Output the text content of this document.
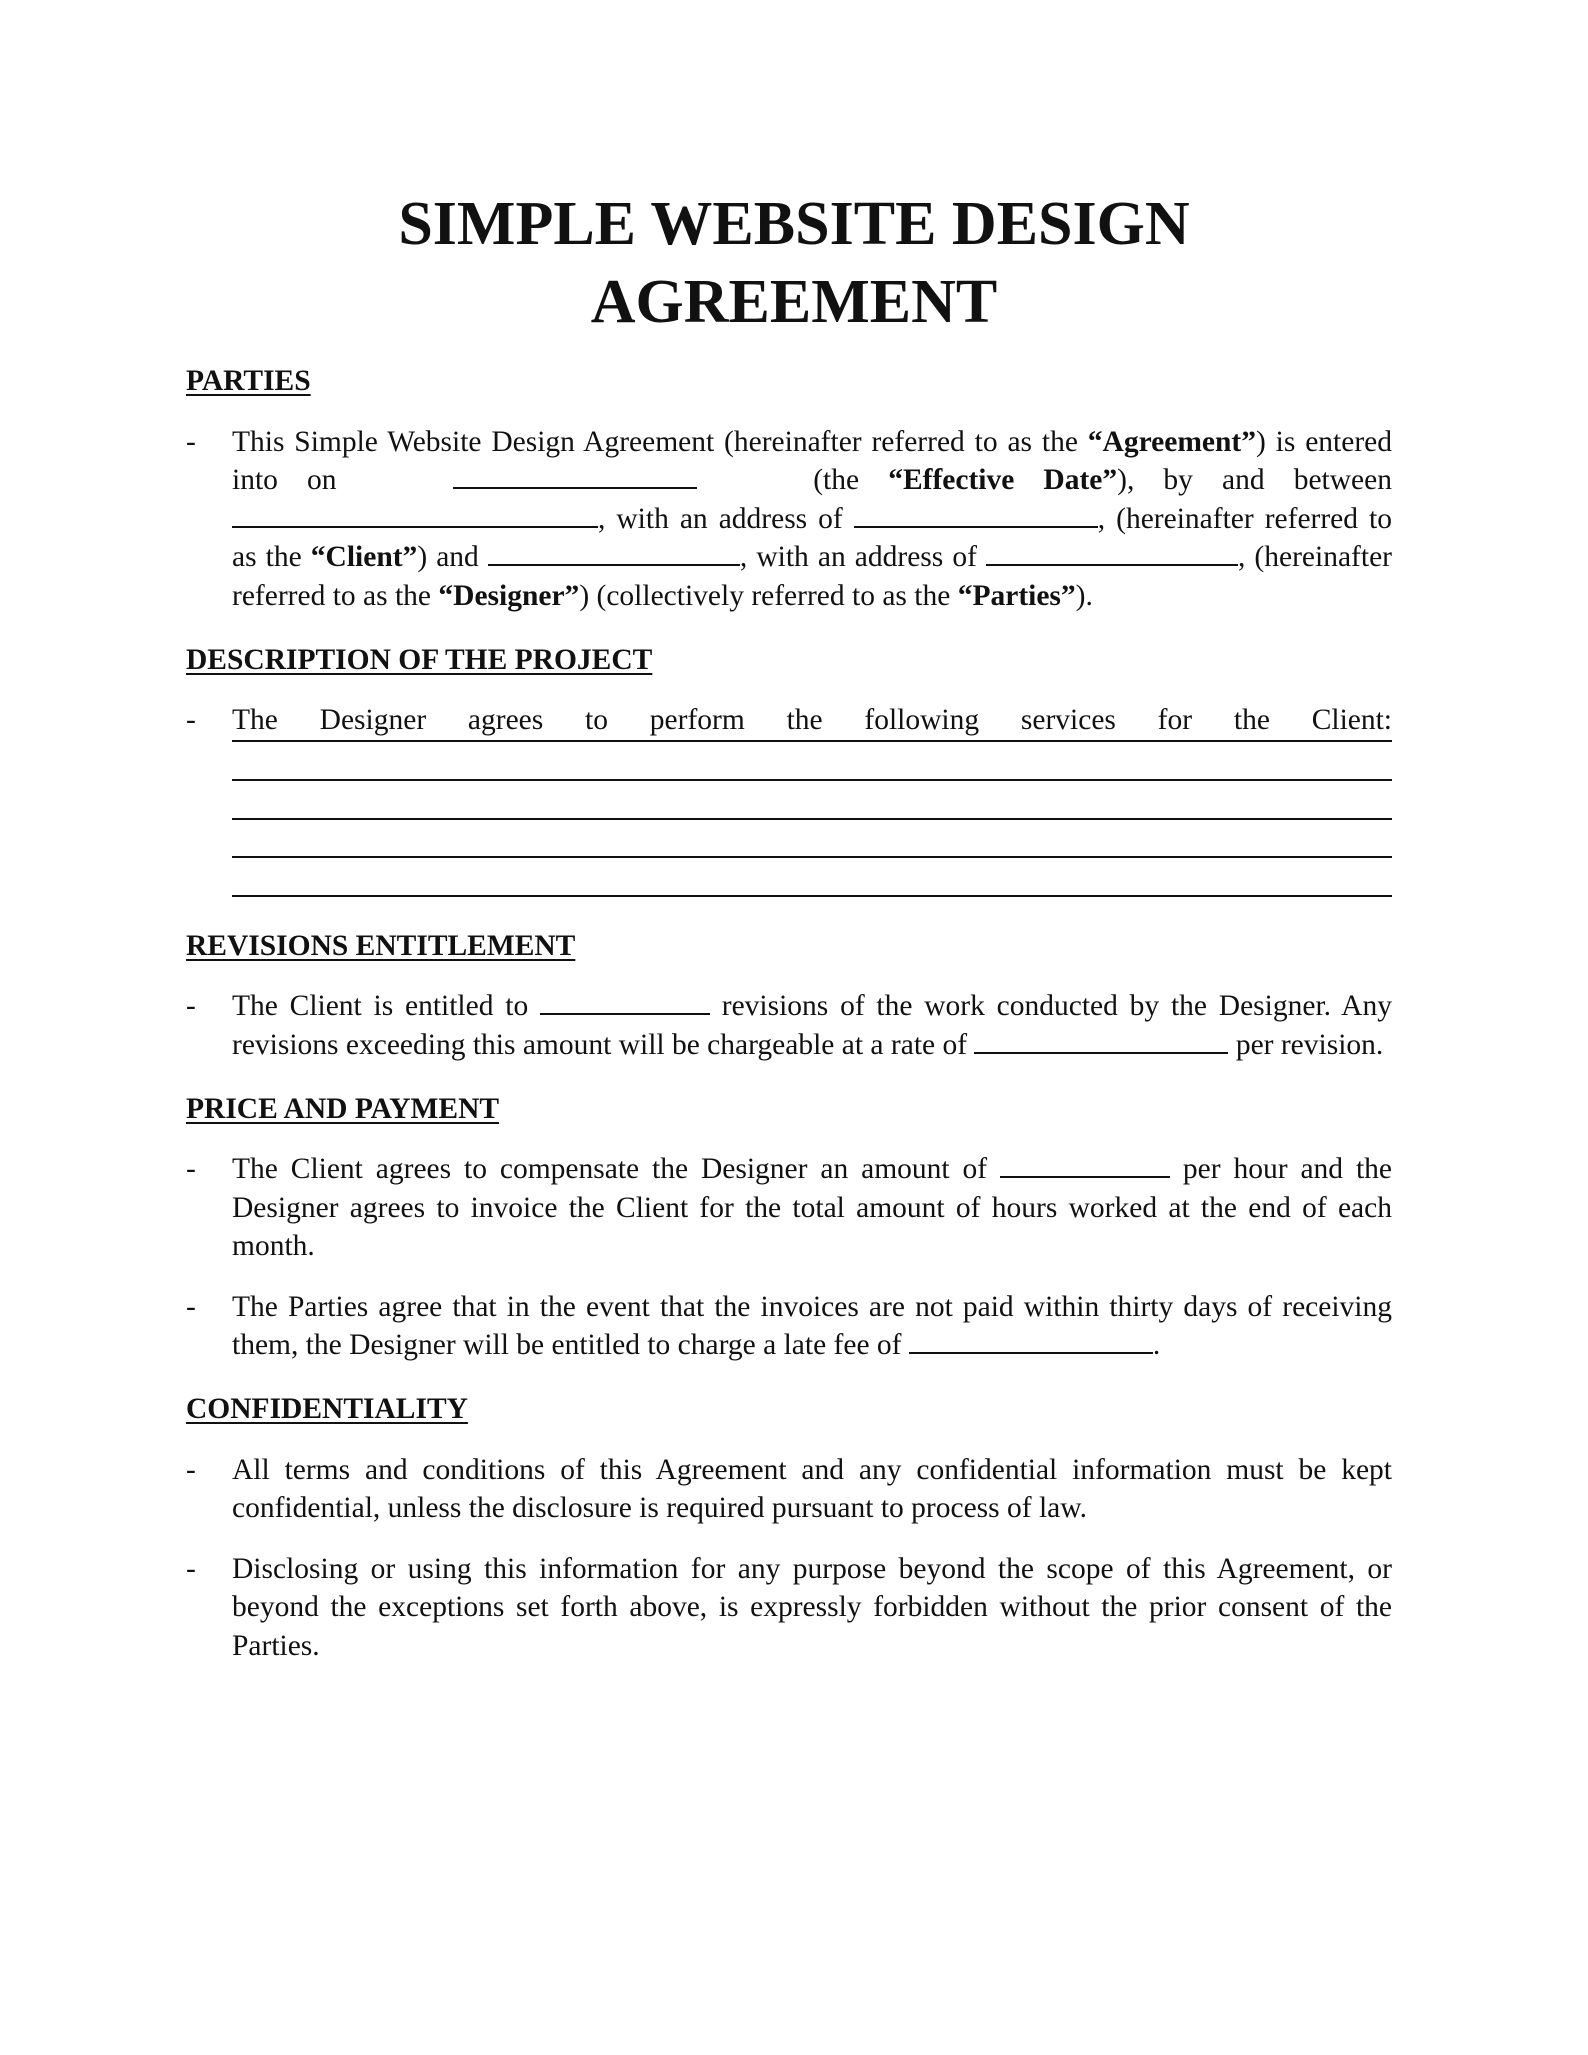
SIMPLE WEBSITE DESIGN
AGREEMENT

PARTIES

- This Simple Website Design Agreement (hereinafter referred to as the “Agreement”) is entered into on	(the “Effective Date”), by and between , with an address of	, (hereinafter referred to as the “Client”) and	, with an address of	, (hereinafter referred to as the “Designer”) (collectively referred to as the “Parties”).

DESCRIPTION OF THE PROJECT

- The Designer agrees to perform the following services for the Client:

REVISIONS ENTITLEMENT

- The Client is entitled to	revisions of the work conducted by the Designer. Any revisions exceeding this amount will be chargeable at a rate of	per revision.

PRICE AND PAYMENT

- The Client agrees to compensate the Designer an amount of	per hour and the Designer agrees to invoice the Client for the total amount of hours worked at the end of each month.

- The Parties agree that in the event that the invoices are not paid within thirty days of receiving them, the Designer will be entitled to charge a late fee of	.

CONFIDENTIALITY

- All terms and conditions of this Agreement and any confidential information must be kept confidential, unless the disclosure is required pursuant to process of law.

- Disclosing or using this information for any purpose beyond the scope of this Agreement, or beyond the exceptions set forth above, is expressly forbidden without the prior consent of the Parties.
